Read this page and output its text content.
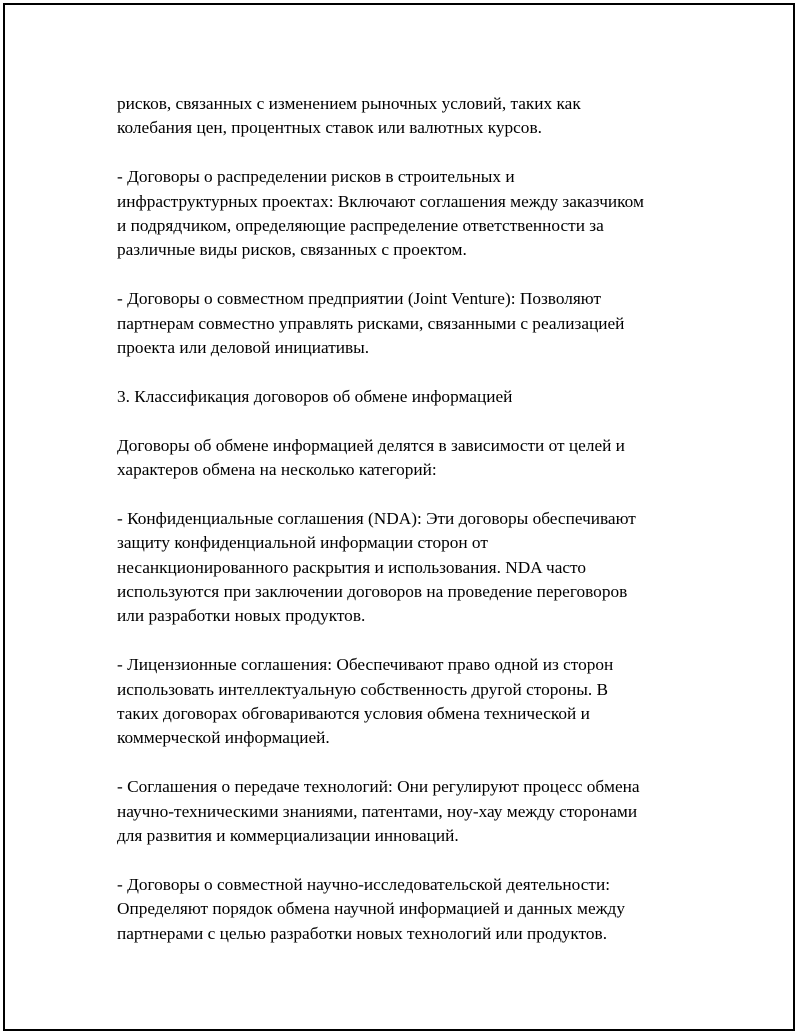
рисков, связанных с изменением рыночных условий, таких как
колебания цен, процентных ставок или валютных курсов.

- Договоры о распределении рисков в строительных и
инфраструктурных проектах: Включают соглашения между заказчиком
и подрядчиком, определяющие распределение ответственности за
различные виды рисков, связанных с проектом.

- Договоры о совместном предприятии (Joint Venture): Позволяют
партнерам совместно управлять рисками, связанными с реализацией
проекта или деловой инициативы.

3. Классификация договоров об обмене информацией

Договоры об обмене информацией делятся в зависимости от целей и
характеров обмена на несколько категорий:

- Конфиденциальные соглашения (NDA): Эти договоры обеспечивают
защиту конфиденциальной информации сторон от
несанкционированного раскрытия и использования. NDA часто
используются при заключении договоров на проведение переговоров
или разработки новых продуктов.

- Лицензионные соглашения: Обеспечивают право одной из сторон
использовать интеллектуальную собственность другой стороны. В
таких договорах обговариваются условия обмена технической и
коммерческой информацией.

- Соглашения о передаче технологий: Они регулируют процесс обмена
научно-техническими знаниями, патентами, ноу-хау между сторонами
для развития и коммерциализации инноваций.

- Договоры о совместной научно-исследовательской деятельности:
Определяют порядок обмена научной информацией и данных между
партнерами с целью разработки новых технологий или продуктов.
